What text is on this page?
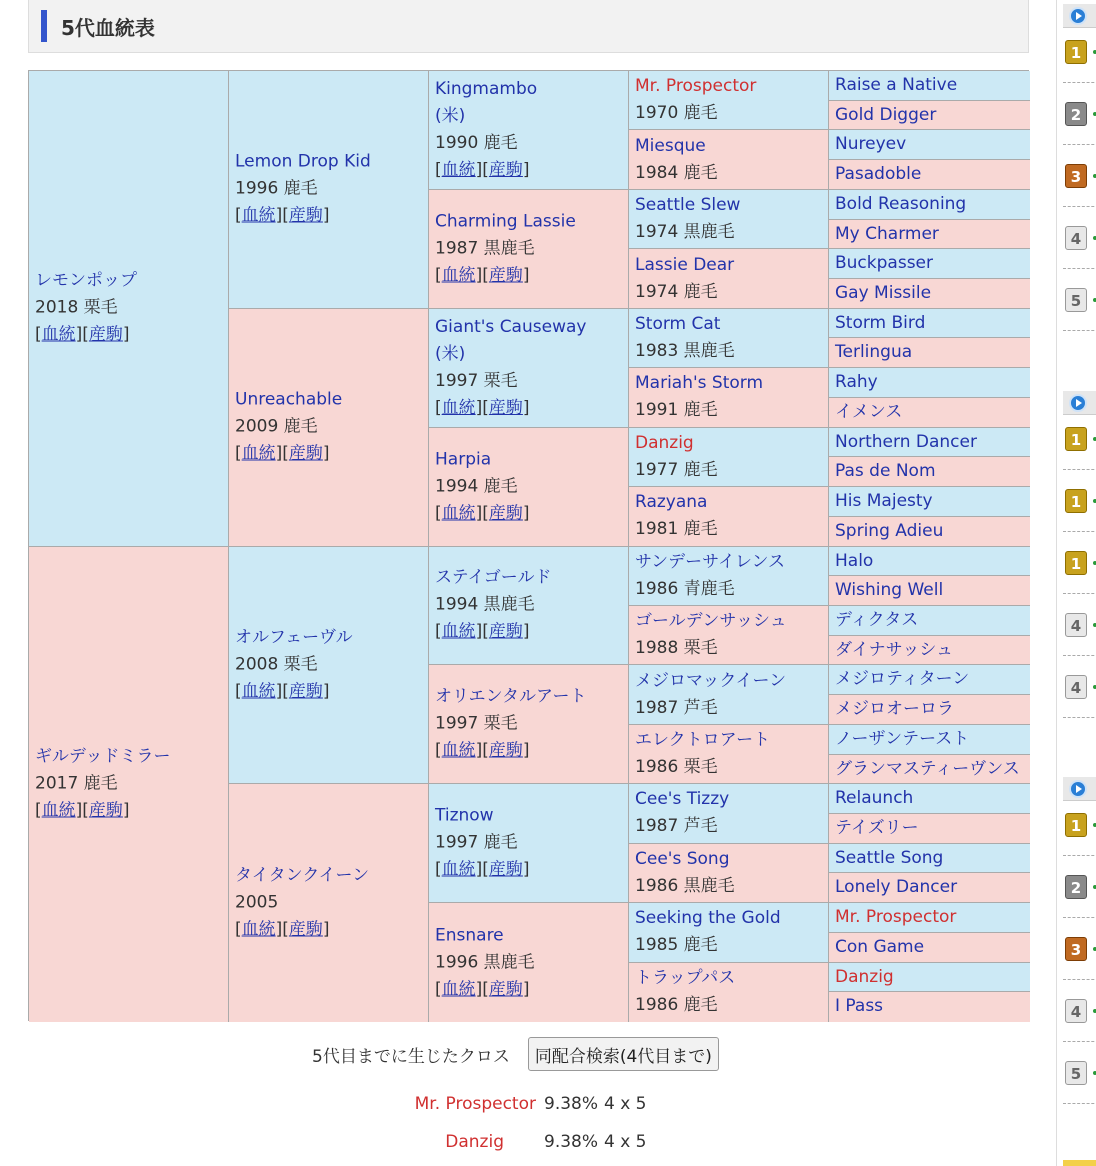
5代血統表
レモンポップ
2018 栗毛
[血統][産駒]
ギルデッドミラー
2017 鹿毛
[血統][産駒]
Lemon Drop Kid
1996 鹿毛
[血統][産駒]
Unreachable
2009 鹿毛
[血統][産駒]
オルフェーヴル
2008 栗毛
[血統][産駒]
タイタンクイーン
2005
[血統][産駒]
Kingmambo
(米)
1990 鹿毛
[血統][産駒]
Charming Lassie
1987 黒鹿毛
[血統][産駒]
Giant's Causeway
(米)
1997 栗毛
[血統][産駒]
Harpia
1994 鹿毛
[血統][産駒]
ステイゴールド
1994 黒鹿毛
[血統][産駒]
オリエンタルアート
1997 栗毛
[血統][産駒]
Tiznow
1997 鹿毛
[血統][産駒]
Ensnare
1996 黒鹿毛
[血統][産駒]
Mr. Prospector
1970 鹿毛
Miesque
1984 鹿毛
Seattle Slew
1974 黒鹿毛
Lassie Dear
1974 鹿毛
Storm Cat
1983 黒鹿毛
Mariah's Storm
1991 鹿毛
Danzig
1977 鹿毛
Razyana
1981 鹿毛
サンデーサイレンス
1986 青鹿毛
ゴールデンサッシュ
1988 栗毛
メジロマックイーン
1987 芦毛
エレクトロアート
1986 栗毛
Cee's Tizzy
1987 芦毛
Cee's Song
1986 黒鹿毛
Seeking the Gold
1985 鹿毛
トラップパス
1986 鹿毛
Raise a Native
Gold Digger
Nureyev
Pasadoble
Bold Reasoning
My Charmer
Buckpasser
Gay Missile
Storm Bird
Terlingua
Rahy
イメンス
Northern Dancer
Pas de Nom
His Majesty
Spring Adieu
Halo
Wishing Well
ディクタス
ダイナサッシュ
メジロティターン
メジロオーロラ
ノーザンテースト
グランマスティーヴンス
Relaunch
テイズリー
Seattle Song
Lonely Dancer
Mr. Prospector
Con Game
Danzig
I Pass
5代目までに生じたクロス	同配合検索(4代目まで)
Mr. Prospector 9.38% 4 x 5
Danzig 9.38% 4 x 5
1
2
3
4
5
1
1
1
4
4
1
2
3
4
5
